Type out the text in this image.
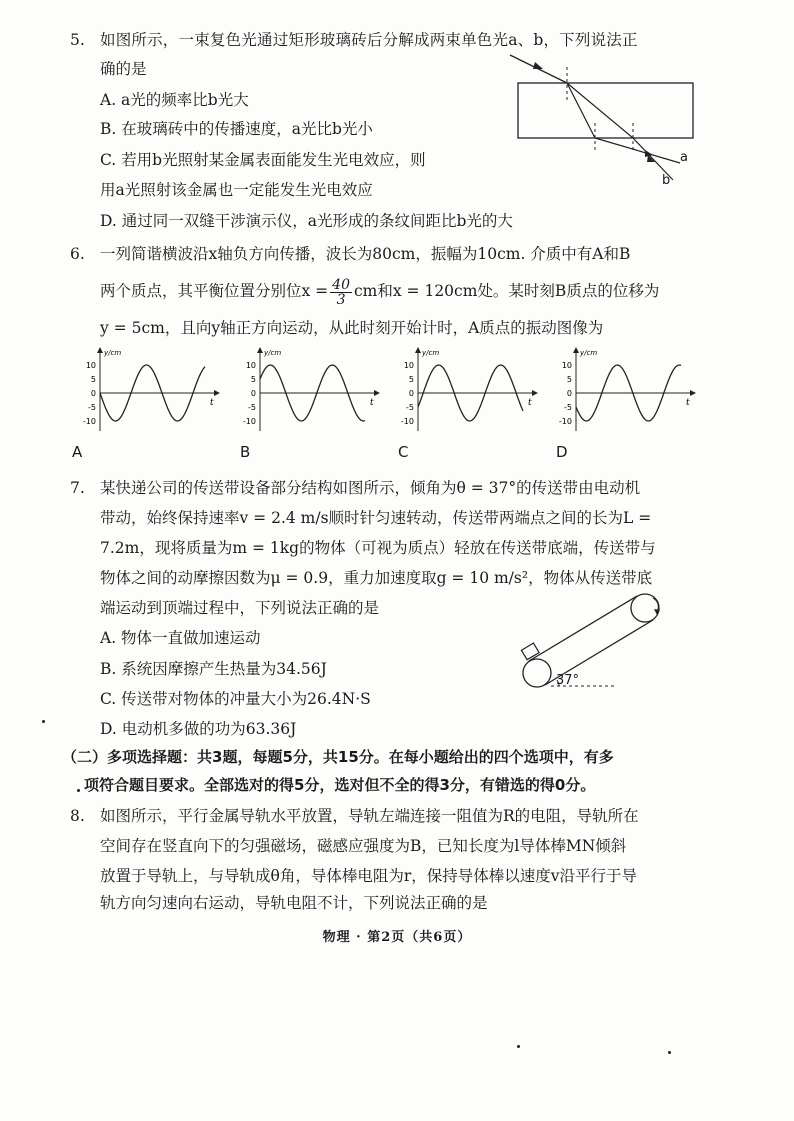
5. 如图所示，一束复色光通过矩形玻璃砖后分解成两束单色光a、b，下列说法正
确的是
A. a光的频率比b光大
B. 在玻璃砖中的传播速度，a光比b光小
C. 若用b光照射某金属表面能发生光电效应，则
用a光照射该金属也一定能发生光电效应
D. 通过同一双缝干涉演示仪，a光形成的条纹间距比b光的大
a
b
6. 一列简谐横波沿x轴负方向传播，波长为80cm，振幅为10cm. 介质中有A和B
两个质点，其平衡位置分别位$x = \frac{40}{3}$ cm和x = 120cm处。某时刻B质点的位移为
y = 5cm，且向y轴正方向运动，从此时刻开始计时，A质点的振动图像为
10
5
0
-5
-10
y/cm
t
A
10
5
0
-5
-10
y/cm
t
B
10
5
0
-5
-10
y/cm
t
C
10
5
0
-5
-10
y/cm
t
D
7. 某快递公司的传送带设备部分结构如图所示，倾角为θ = 37°的传送带由电动机
带动，始终保持速率v = 2.4 m/s顺时针匀速转动，传送带两端点之间的长为L =
7.2m，现将质量为m = 1kg的物体（可视为质点）轻放在传送带底端，传送带与
物体之间的动摩擦因数为μ = 0.9，重力加速度取g = 10 m/s²，物体从传送带底
端运动到顶端过程中，下列说法正确的是
A. 物体一直做加速运动
B. 系统因摩擦产生热量为34.56J
C. 传送带对物体的冲量大小为26.4N·S
D. 电动机多做的功为63.36J
37°
（二）多项选择题：共3题，每题5分，共15分。在每小题给出的四个选项中，有多
项符合题目要求。全部选对的得5分，选对但不全的得3分，有错选的得0分。
8. 如图所示，平行金属导轨水平放置，导轨左端连接一阻值为R的电阻，导轨所在
空间存在竖直向下的匀强磁场，磁感应强度为B，已知长度为l导体棒MN倾斜
放置于导轨上，与导轨成θ角，导体棒电阻为r，保持导体棒以速度v沿平行于导
轨方向匀速向右运动，导轨电阻不计，下列说法正确的是
物理 · 第2页（共6页）
